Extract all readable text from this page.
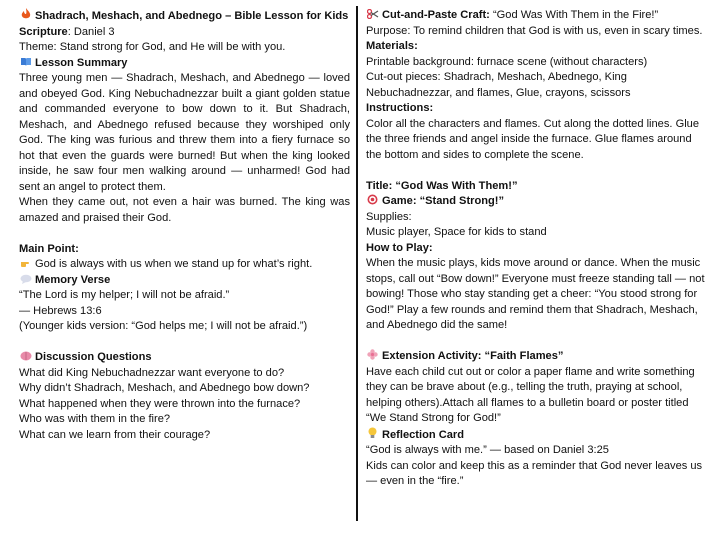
Shadrach, Meshach, and Abednego – Bible Lesson for Kids

Scripture: Daniel 3

Theme: Stand strong for God, and He will be with you.

Lesson Summary

Three young men — Shadrach, Meshach, and Abednego — loved and obeyed God. King Nebuchadnezzar built a giant golden statue and commanded everyone to bow down to it. But Shadrach, Meshach, and Abednego refused because they worshiped only God. The king was furious and threw them into a fiery furnace so hot that even the guards were burned! But when the king looked inside, he saw four men walking around — unharmed! God had sent an angel to protect them.

When they came out, not even a hair was burned. The king was amazed and praised their God.

Main Point:

God is always with us when we stand up for what’s right.

Memory Verse

“The Lord is my helper; I will not be afraid.”

— Hebrews 13:6

(Younger kids version: “God helps me; I will not be afraid.”)

Discussion Questions

What did King Nebuchadnezzar want everyone to do?

Why didn’t Shadrach, Meshach, and Abednego bow down?

What happened when they were thrown into the furnace?

Who was with them in the fire?

What can we learn from their courage?

Cut-and-Paste Craft: “God Was With Them in the Fire!”

Purpose: To remind children that God is with us, even in scary times.

Materials:

Printable background: furnace scene (without characters)

Cut-out pieces: Shadrach, Meshach, Abednego, King Nebuchadnezzar, and flames, Glue, crayons, scissors

Instructions:

Color all the characters and flames. Cut along the dotted lines. Glue the three friends and angel inside the furnace. Glue flames around the bottom and sides to complete the scene.

Title: “God Was With Them!”

Game: “Stand Strong!”

Supplies:

Music player, Space for kids to stand

How to Play:

When the music plays, kids move around or dance. When the music stops, call out “Bow down!” Everyone must freeze standing tall — not bowing! Those who stay standing get a cheer: “You stood strong for God!” Play a few rounds and remind them that Shadrach, Meshach, and Abednego did the same!

Extension Activity: “Faith Flames”

Have each child cut out or color a paper flame and write something they can be brave about (e.g., telling the truth, praying at school, helping others).Attach all flames to a bulletin board or poster titled “We Stand Strong for God!”

Reflection Card

“God is always with me.” — based on Daniel 3:25

Kids can color and keep this as a reminder that God never leaves us — even in the “fire.”
